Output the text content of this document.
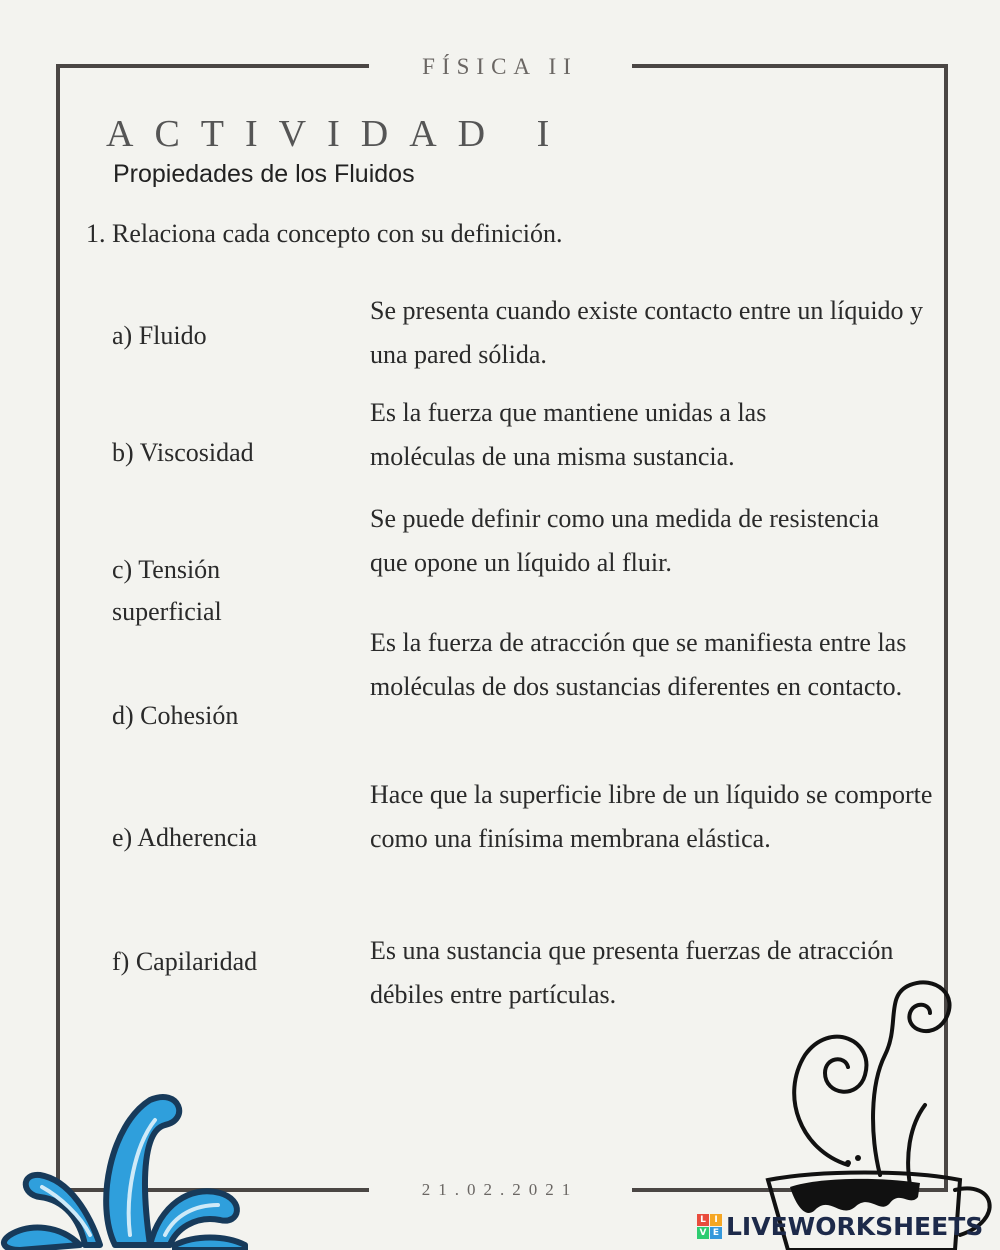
FÍSICA II
ACTIVIDAD I
Propiedades de los Fluidos
1. Relaciona cada concepto con su definición.
a) Fluido
b) Viscosidad
c) Tensión superficial
d) Cohesión
e) Adherencia
f) Capilaridad
Se presenta cuando existe contacto entre un líquido y una pared sólida.
Es la fuerza que mantiene unidas a las moléculas de una misma sustancia.
Se puede definir como una medida de resistencia que opone un líquido al fluir.
Es la fuerza de atracción que se manifiesta entre las moléculas de dos sustancias diferentes en contacto.
Hace que la superficie libre de un líquido se comporte como una finísima membrana elástica.
Es una sustancia que presenta fuerzas de atracción débiles entre partículas.
21.02.2021
L I
V E LIVEWORKSHEETS
